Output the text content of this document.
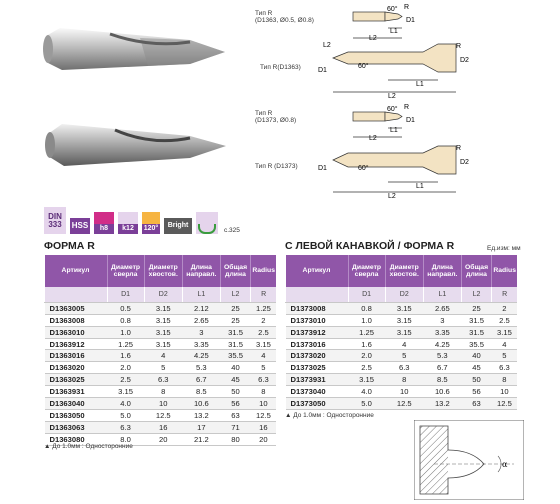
L2
L2
L1
60° R
D1
D1
60°
D2
R
L1
L2
L2
L1
60° R
D1
D1	60°
D2
R
L1
L2
Тип R
(D1363, Ø0.5, Ø0.8)
Тип R(D1363)
Тип R
(D1373, Ø0.8)
Тип R (D1373)
DIN 333 HSS	h8	k12	120°	Bright
c.325
ФОРМА R	С ЛЕВОЙ КАНАВКОЙ / ФОРМА R	Ед.изм: мм
Артикул	Диаметр сверла	Диаметр хвостов.	Длина направл.	Общая длина	Radius
	D1	D2	L1	L2	R
D1363005	0.5	3.15	2.12	25	1.25
D1363008	0.8	3.15	2.65	25	2
D1363010	1.0	3.15	3	31.5	2.5
D1363912	1.25	3.15	3.35	31.5	3.15
D1363016	1.6	4	4.25	35.5	4
D1363020	2.0	5	5.3	40	5
D1363025	2.5	6.3	6.7	45	6.3
D1363931	3.15	8	8.5	50	8
D1363040	4.0	10	10.6	56	10
D1363050	5.0	12.5	13.2	63	12.5
D1363063	6.3	16	17	71	16
D1363080	8.0	20	21.2	80	20
Артикул	Диаметр сверла	Диаметр хвостов.	Длина направл.	Общая длина	Radius
	D1	D2	L1	L2	R
D1373008	0.8	3.15	2.65	25	2
D1373010	1.0	3.15	3	31.5	2.5
D1373912	1.25	3.15	3.35	31.5	3.15
D1373016	1.6	4	4.25	35.5	4
D1373020	2.0	5	5.3	40	5
D1373025	2.5	6.3	6.7	45	6.3
D1373931	3.15	8	8.5	50	8
D1373040	4.0	10	10.6	56	10
D1373050	5.0	12.5	13.2	63	12.5
▲ До 1.0мм : Односторонние
▲ До 1.0мм : Односторонние
α
